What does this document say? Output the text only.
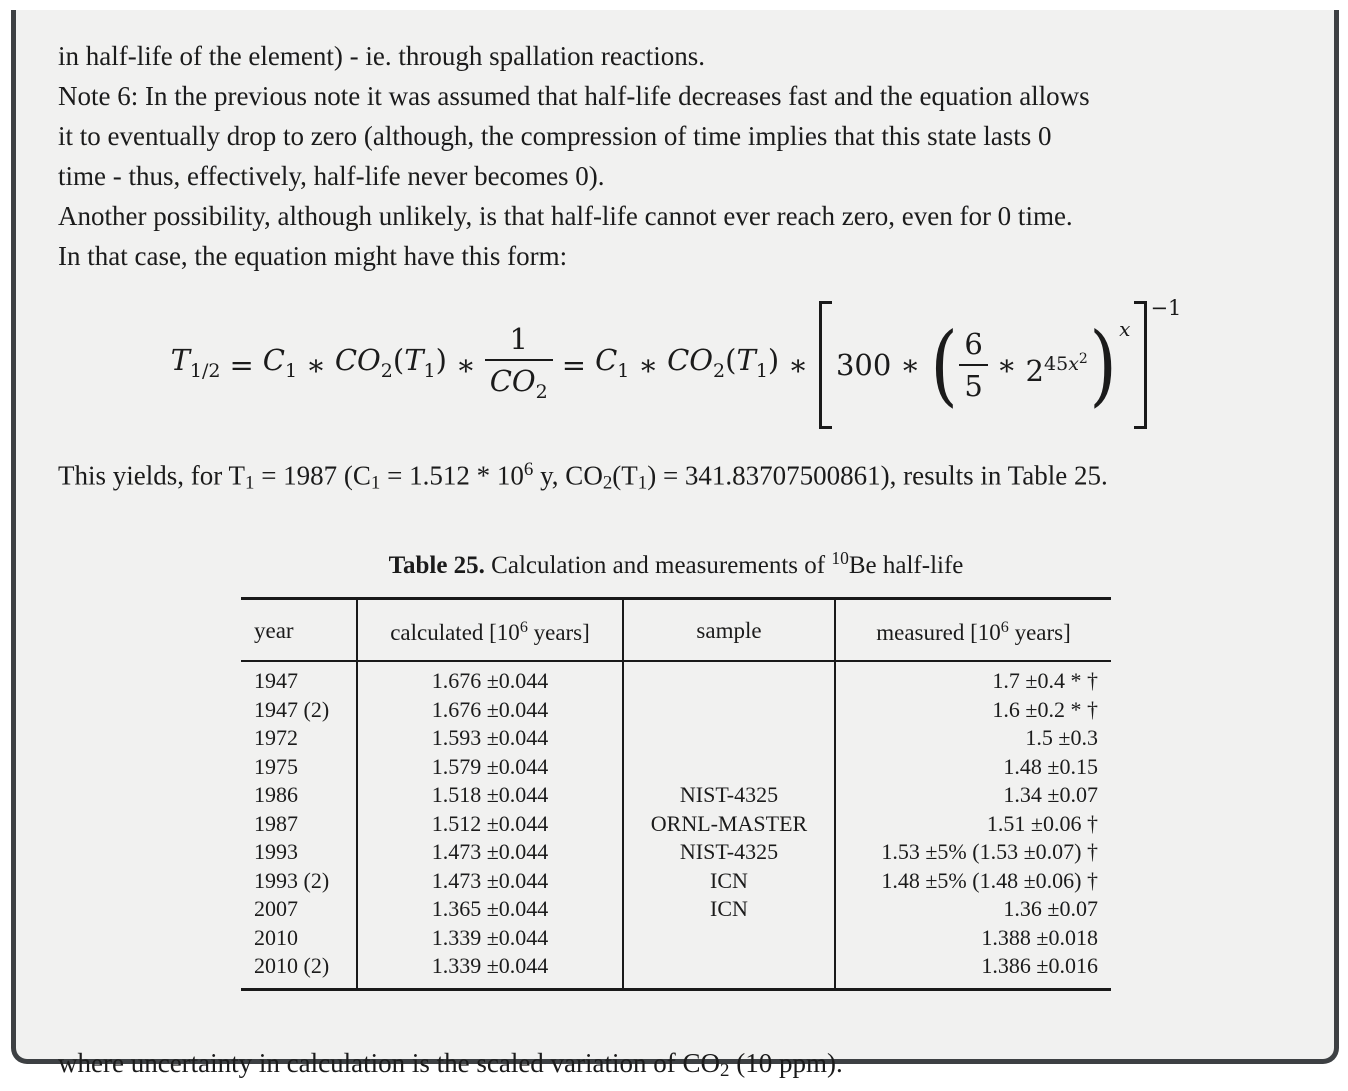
in half-life of the element) - ie. through spallation reactions.
Note 6: In the previous note it was assumed that half-life decreases fast and the equation allows
it to eventually drop to zero (although, the compression of time implies that this state lasts 0
time - thus, effectively, half-life never becomes 0).
Another possibility, although unlikely, is that half-life cannot ever reach zero, even for 0 time.
In that case, the equation might have this form:
$T_{1/2} = C_1$ ∗ $CO_2(T_1)$ ∗ $\frac{1}{CO_2} = C_1$ ∗ $CO_2(T_1)$ ∗ 300 ∗ ( $\frac{6}{5}$ ∗ $2^{45x^2}$ ) x
−1
This yields, for T1 = 1987 ($C1 = 1.512 * 10^6$ y, CO2(T1) = 341.83707500861), results in Table 25.
Table 25. Calculation and measurements of $^{10}$Be half-life
year	calculated [$10^6$ years]	sample	measured [$10^6$ years]
1947	1.676 ±0.044		1.7 ±0.4 * †
1947 (2)	1.676 ±0.044		1.6 ±0.2 * †
1972	1.593 ±0.044		1.5 ±0.3
1975	1.579 ±0.044		1.48 ±0.15
1986	1.518 ±0.044	NIST-4325	1.34 ±0.07
1987	1.512 ±0.044	ORNL-MASTER	1.51 ±0.06 †
1993	1.473 ±0.044	NIST-4325	1.53 ±5% (1.53 ±0.07) †
1993 (2)	1.473 ±0.044	ICN	1.48 ±5% (1.48 ±0.06) †
2007	1.365 ±0.044	ICN	1.36 ±0.07
2010	1.339 ±0.044		1.388 ±0.018
2010 (2)	1.339 ±0.044		1.386 ±0.016
where uncertainty in calculation is the scaled variation of CO2 (10 ppm).
